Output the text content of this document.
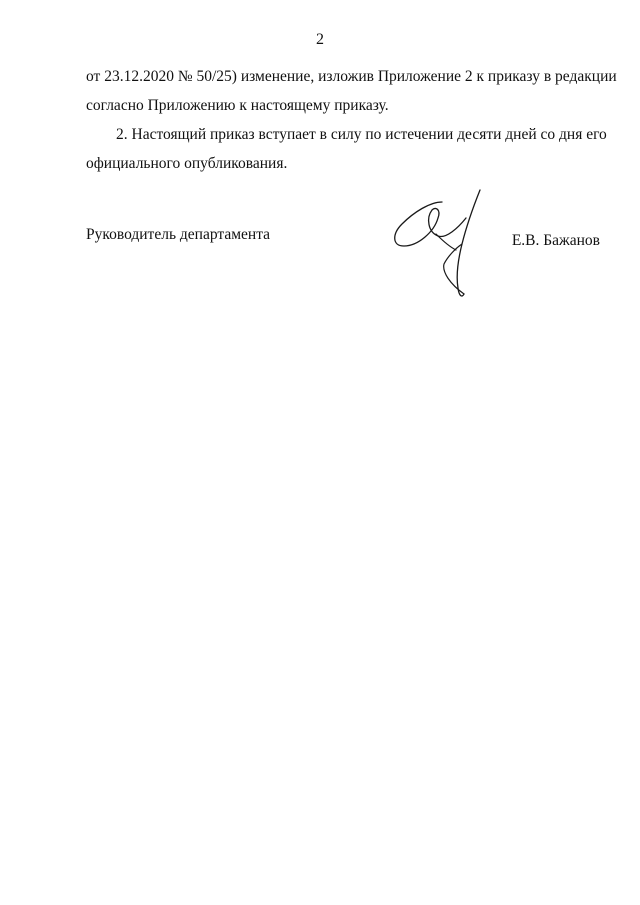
2
от 23.12.2020 № 50/25) изменение, изложив Приложение 2 к приказу в редакции
согласно Приложению к настоящему приказу.
2. Настоящий приказ вступает в силу по истечении десяти дней со дня его
официального опубликования.
Руководитель департамента	Е.В. Бажанов
